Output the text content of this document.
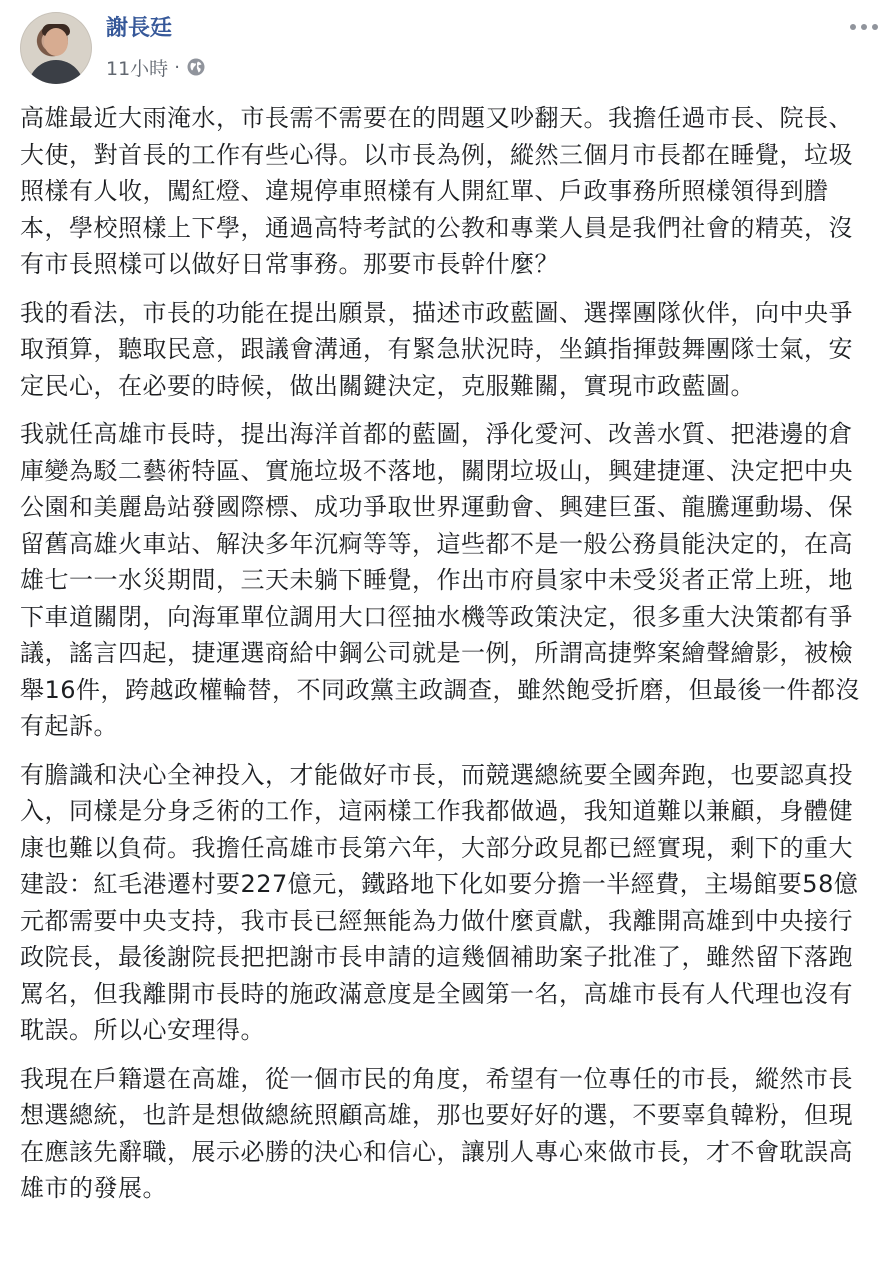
謝長廷
11小時 ·

高雄最近大雨淹水，市長需不需要在的問題又吵翻天。我擔任過市長、院長、大使，對首長的工作有些心得。以市長為例，縱然三個月市長都在睡覺，垃圾照樣有人收，闖紅燈、違規停車照樣有人開紅單、戶政事務所照樣領得到謄本，學校照樣上下學，通過高特考試的公教和專業人員是我們社會的精英，沒有市長照樣可以做好日常事務。那要市長幹什麼？

我的看法，市長的功能在提出願景，描述市政藍圖、選擇團隊伙伴，向中央爭取預算，聽取民意，跟議會溝通，有緊急狀況時，坐鎮指揮鼓舞團隊士氣，安定民心，在必要的時候，做出關鍵決定，克服難關，實現市政藍圖。

我就任高雄市長時，提出海洋首都的藍圖，淨化愛河、改善水質、把港邊的倉庫變為駁二藝術特區、實施垃圾不落地，關閉垃圾山，興建捷運、決定把中央公園和美麗島站發國際標、成功爭取世界運動會、興建巨蛋、龍騰運動場、保留舊高雄火車站、解決多年沉痾等等，這些都不是一般公務員能決定的，在高雄七一一水災期間，三天未躺下睡覺，作出市府員家中未受災者正常上班，地下車道關閉，向海軍單位調用大口徑抽水機等政策決定，很多重大決策都有爭議，謠言四起，捷運選商給中鋼公司就是一例，所謂高捷弊案繪聲繪影，被檢舉16件，跨越政權輪替，不同政黨主政調查，雖然飽受折磨，但最後一件都沒有起訴。

有膽識和決心全神投入，才能做好市長，而競選總統要全國奔跑，也要認真投入，同樣是分身乏術的工作，這兩樣工作我都做過，我知道難以兼顧，身體健康也難以負荷。我擔任高雄市長第六年，大部分政見都已經實現，剩下的重大建設：紅毛港遷村要227億元，鐵路地下化如要分擔一半經費，主場館要58億元都需要中央支持，我市長已經無能為力做什麼貢獻，我離開高雄到中央接行政院長，最後謝院長把把謝市長申請的這幾個補助案子批准了，雖然留下落跑罵名，但我離開市長時的施政滿意度是全國第一名，高雄市長有人代理也沒有耽誤。所以心安理得。

我現在戶籍還在高雄，從一個市民的角度，希望有一位專任的市長，縱然市長想選總統，也許是想做總統照顧高雄，那也要好好的選，不要辜負韓粉，但現在應該先辭職，展示必勝的決心和信心，讓別人專心來做市長，才不會耽誤高雄市的發展。
